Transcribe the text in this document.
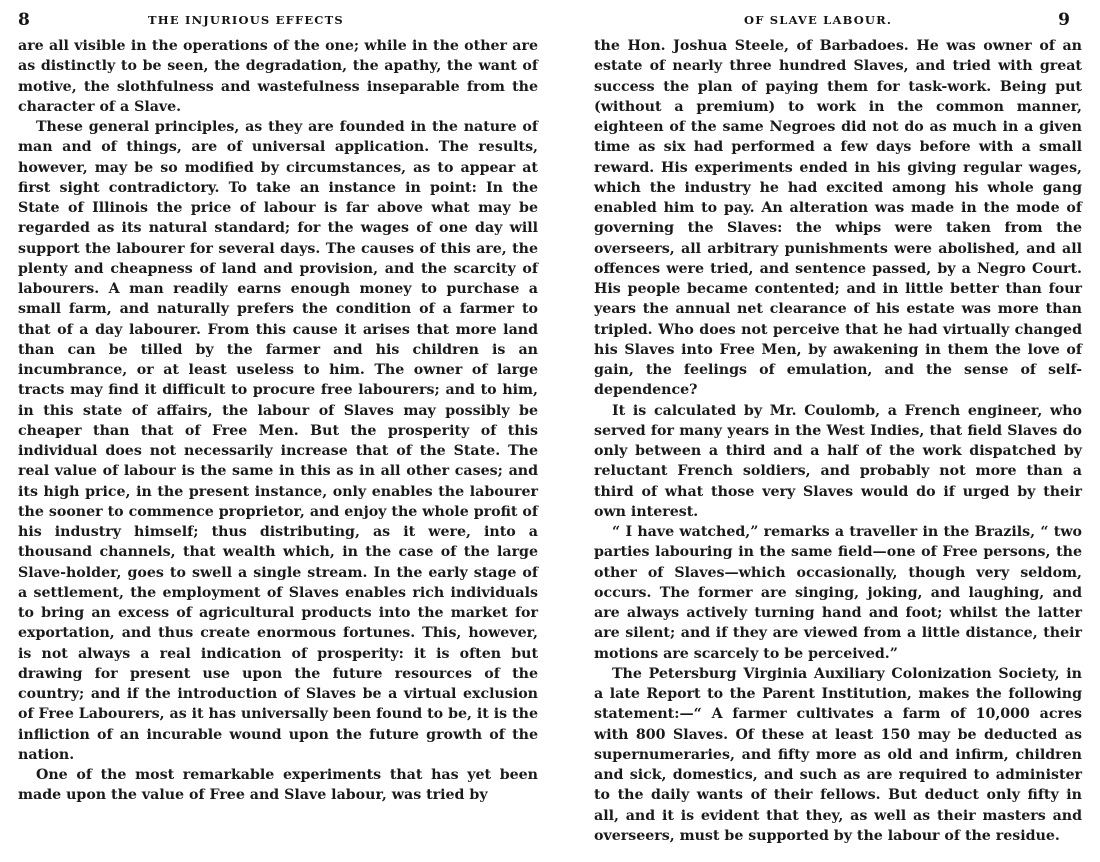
8	THE INJURIOUS EFFECTS

are all visible in the operations of the one; while in the other are as distinctly to be seen, the degradation, the apathy, the want of motive, the slothfulness and wastefulness inseparable from the character of a Slave.

These general principles, as they are founded in the nature of man and of things, are of universal application. The results, however, may be so modified by circumstances, as to appear at first sight contradictory. To take an instance in point: In the State of Illinois the price of labour is far above what may be regarded as its natural standard; for the wages of one day will support the labourer for several days. The causes of this are, the plenty and cheapness of land and provision, and the scarcity of labourers. A man readily earns enough money to purchase a small farm, and naturally prefers the condition of a farmer to that of a day labourer. From this cause it arises that more land than can be tilled by the farmer and his children is an incumbrance, or at least useless to him. The owner of large tracts may find it difficult to procure free labourers; and to him, in this state of affairs, the labour of Slaves may possibly be cheaper than that of Free Men. But the prosperity of this individual does not necessarily increase that of the State. The real value of labour is the same in this as in all other cases; and its high price, in the present instance, only enables the labourer the sooner to commence proprietor, and enjoy the whole profit of his industry himself; thus distributing, as it were, into a thousand channels, that wealth which, in the case of the large Slave-holder, goes to swell a single stream. In the early stage of a settlement, the employment of Slaves enables rich individuals to bring an excess of agricultural products into the market for exportation, and thus create enormous fortunes. This, however, is not always a real indication of prosperity: it is often but drawing for present use upon the future resources of the country; and if the introduction of Slaves be a virtual exclusion of Free Labourers, as it has universally been found to be, it is the infliction of an incurable wound upon the future growth of the nation.

One of the most remarkable experiments that has yet been made upon the value of Free and Slave labour, was tried by

OF SLAVE LABOUR.	9

the Hon. Joshua Steele, of Barbadoes. He was owner of an estate of nearly three hundred Slaves, and tried with great success the plan of paying them for task-work. Being put (without a premium) to work in the common manner, eighteen of the same Negroes did not do as much in a given time as six had performed a few days before with a small reward. His experiments ended in his giving regular wages, which the industry he had excited among his whole gang enabled him to pay. An alteration was made in the mode of governing the Slaves: the whips were taken from the overseers, all arbitrary punishments were abolished, and all offences were tried, and sentence passed, by a Negro Court. His people became contented; and in little better than four years the annual net clearance of his estate was more than tripled. Who does not perceive that he had virtually changed his Slaves into Free Men, by awakening in them the love of gain, the feelings of emulation, and the sense of self-dependence?

It is calculated by Mr. Coulomb, a French engineer, who served for many years in the West Indies, that field Slaves do only between a third and a half of the work dispatched by reluctant French soldiers, and probably not more than a third of what those very Slaves would do if urged by their own interest.

“ I have watched,” remarks a traveller in the Brazils, “ two parties labouring in the same field—one of Free persons, the other of Slaves—which occasionally, though very seldom, occurs. The former are singing, joking, and laughing, and are always actively turning hand and foot; whilst the latter are silent; and if they are viewed from a little distance, their motions are scarcely to be perceived.”

The Petersburg Virginia Auxiliary Colonization Society, in a late Report to the Parent Institution, makes the following statement:—“ A farmer cultivates a farm of 10,000 acres with 800 Slaves. Of these at least 150 may be deducted as supernumeraries, and fifty more as old and infirm, children and sick, domestics, and such as are required to administer to the daily wants of their fellows. But deduct only fifty in all, and it is evident that they, as well as their masters and overseers, must be supported by the labour of the residue.
